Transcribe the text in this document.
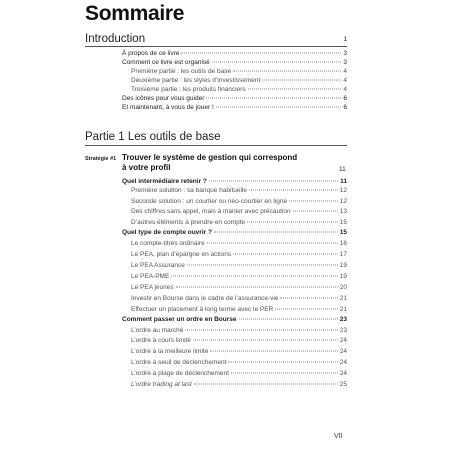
Sommaire
Introduction	1
À propos de ce livre	3
Comment ce livre est organisé	3
Première partie : les outils de base	4
Deuxième partie : les styles d’investissement	4
Troisième partie : les produits financiers	4
Des icônes pour vous guider	6
Et maintenant, à vous de jouer !	6
Partie 1 Les outils de base
Stratégie #1 Trouver le système de gestion qui correspond
à votre profil	11
Quel intermédiaire retenir ?	11
Première solution : sa banque habituelle	12
Seconde solution : un courtier ou néo-courtier en ligne	12
Des chiffres sans appel, mais à manier avec précaution	13
D’autres éléments à prendre en compte	15
Quel type de compte ouvrir ?	15
Le compte-titres ordinaire	16
Le PEA, plan d’épargne en actions	17
Le PEA Assurance	19
Le PEA-PME	19
Le PEA jeunes	20
Investir en Bourse dans le cadre de l’assurance-vie	21
Effectuer un placement à long terme avec le PER	21
Comment passer un ordre en Bourse	23
L’ordre au marché	23
L’ordre à cours limité	24
L’ordre à la meilleure limite	24
L’ordre à seuil de déclenchement	24
L’ordre à plage de déclenchement	24
L’ordre trading at last	25
VII
